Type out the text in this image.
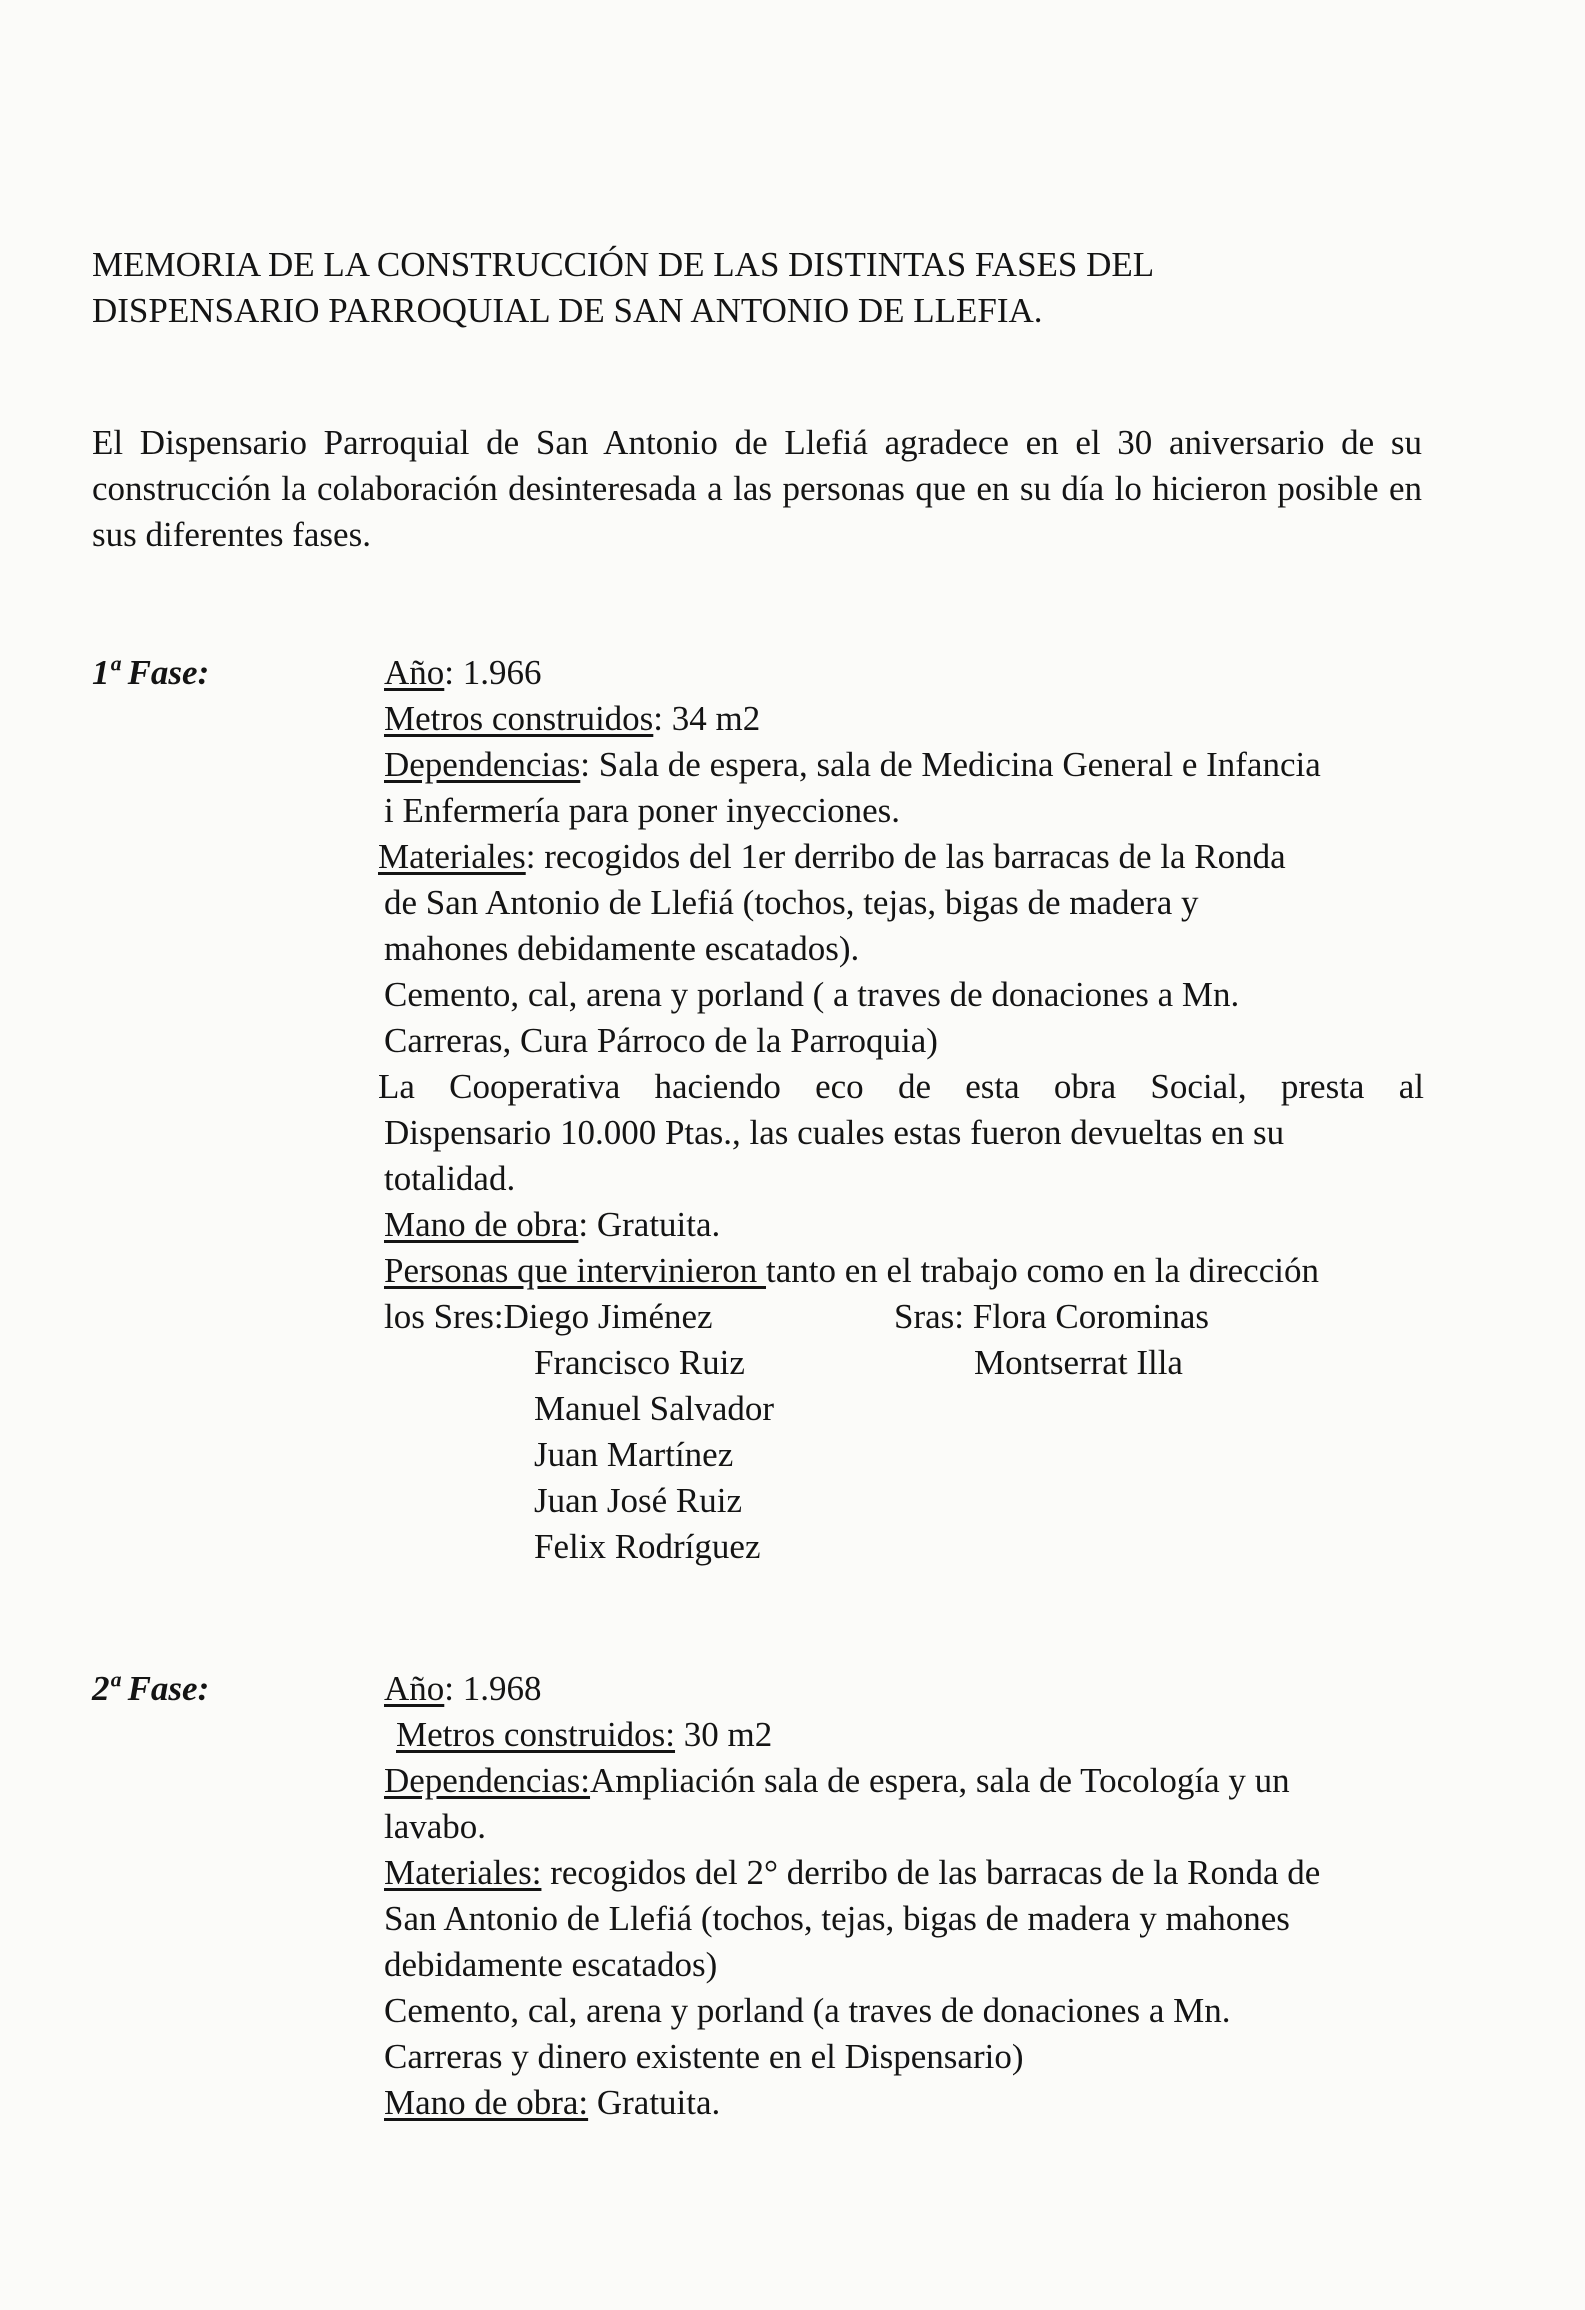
MEMORIA DE LA CONSTRUCCIÓN DE LAS DISTINTAS FASES DEL
DISPENSARIO PARROQUIAL DE SAN ANTONIO DE LLEFIA.

El Dispensario Parroquial de San Antonio de Llefiá agradece en el 30 aniversario de su construcción la colaboración desinteresada a las personas que en su día lo hicieron posible en sus diferentes fases.

1ª Fase:	Año: 1.966
Metros construidos: 34 m2
Dependencias: Sala de espera, sala de Medicina General e Infancia
i Enfermería para poner inyecciones.
Materiales: recogidos del 1er derribo de las barracas de la Ronda
de San Antonio de Llefiá (tochos, tejas, bigas de madera y
mahones debidamente escatados).
Cemento, cal, arena y porland ( a traves de donaciones a Mn.
Carreras, Cura Párroco de la Parroquia)
La Cooperativa haciendo eco de esta obra Social, presta al
Dispensario 10.000 Ptas., las cuales estas fueron devueltas en su
totalidad.
Mano de obra: Gratuita.
Personas que intervinieron tanto en el trabajo como en la dirección
los Sres:Diego Jiménez
Francisco Ruiz
Manuel Salvador
Juan Martínez
Juan José Ruiz
Felix Rodríguez
Sras: Flora Corominas
Montserrat Illa
2ª Fase:	Año: 1.968
Metros construidos: 30 m2
Dependencias:Ampliación sala de espera, sala de Tocología y un
lavabo.
Materiales: recogidos del 2° derribo de las barracas de la Ronda de
San Antonio de Llefiá (tochos, tejas, bigas de madera y mahones
debidamente escatados)
Cemento, cal, arena y porland (a traves de donaciones a Mn.
Carreras y dinero existente en el Dispensario)
Mano de obra: Gratuita.
